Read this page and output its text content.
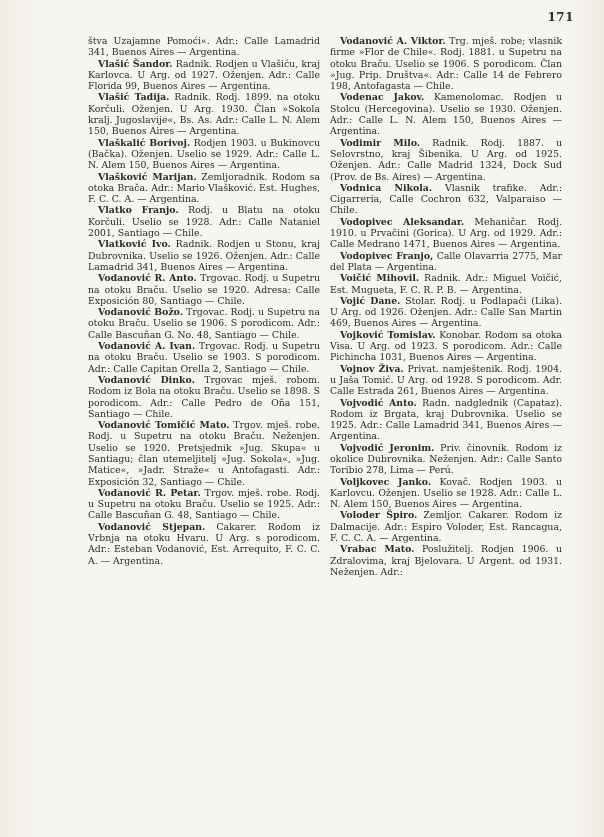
171

štva Uzajamne Pomoći«. Adr.: Calle Lamadrid 341, Buenos Aires — Argentina.

Vlašić Šandor. Radnik. Rodjen u Vlašiću, kraj Karlovca. U Arg. od 1927. Oženjen. Adr.: Calle Florida 99, Buenos Aires — Argentina.

Vlašić Tadija. Radnik. Rodj. 1899. na otoku Korčuli. Oženjen. U Arg. 1930. Član »Sokola kralj. Jugoslavije«, Bs. As. Adr.: Calle L. N. Alem 150, Buenos Aires — Argentina.

Vlaškalić Borivoj. Rodjen 1903. u Bukinovcu (Bačka). Oženjen. Uselio se 1929. Adr.: Calle L. N. Alem 150, Buenos Aires — Argentina.

Vlašković Marijan. Zemljoradnik. Rodom sa otoka Brača. Adr.: Mario Vlašković. Est. Hughes, F. C. C. A. — Argentina.

Vlatko Franjo. Rodj. u Blatu na otoku Korčuli. Uselio se 1928. Adr.: Calle Nataniel 2001, Santiago — Chile.

Vlatković Ivo. Radnik. Rodjen u Stonu, kraj Dubrovnika. Uselio se 1926. Oženjen. Adr.: Calle Lamadrid 341, Buenos Aires — Argentina.

Vodanović R. Anto. Trgovac. Rodj. u Supetru na otoku Braču. Uselio se 1920. Adresa: Calle Exposición 80, Santiago — Chile.

Vodanović Božo. Trgovac. Rodj. u Supetru na otoku Braču. Uselio se 1906. S porodicom. Adr.: Calle Bascuñan G. No. 48, Santiago — Chile.

Vodanović A. Ivan. Trgovac. Rodj. u Supetru na otoku Braču. Uselio se 1903. S porodicom. Adr.: Calle Capitan Orella 2, Santiago — Chile.

Vodanović Dinko. Trgovac mješ. robom. Rodom iz Bola na otoku Braču. Uselio se 1898. S porodicom. Adr.: Calle Pedro de Oña 151, Santiago — Chile.

Vodanović Tomičić Mato. Trgov. mješ. robe. Rodj. u Supetru na otoku Braču. Neženjen. Uselio se 1920. Pretsjednik »Jug. Skupa« u Santiagu; član utemeljitelj »Jug. Sokola«, »Jug. Matice«, »Jadr. Straže« u Antofagasti. Adr.: Exposición 32, Santiago — Chile.

Vodanović R. Petar. Trgov. mješ. robe. Rodj. u Supetru na otoku Braču. Uselio se 1925. Adr.: Calle Bascuñan G. 48, Santiago — Chile.

Vodanović Stjepan. Cakarer. Rodom iz Vrbnja na otoku Hvaru. U Arg. s porodicom. Adr.: Esteban Vodanović, Est. Arrequito, F. C. C. A. — Argentina.

Vodanović A. Viktor. Trg. mješ. robe; vlasnik firme »Flor de Chile«. Rodj. 1881. u Supetru na otoku Braču. Uselio se 1906. S porodicom. Član »Jug. Prip. Društva«. Adr.: Calle 14 de Febrero 198, Antofagasta — Chile.

Vodenac Jakov. Kamenolomac. Rodjen u Stolcu (Hercegovina). Uselio se 1930. Oženjen. Adr.: Calle L. N. Alem 150, Buenos Aires — Argentina.

Vodimir Milo. Radnik. Rodj. 1887. u Selovrstno, kraj Šibenika. U Arg. od 1925. Oženjen. Adr.: Calle Madrid 1324, Dock Sud (Prov. de Bs. Aires) — Argentina.

Vodnica Nikola. Vlasnik trafike. Adr.: Cigarreria, Calle Cochron 632, Valparaiso — Chile.

Vodopivec Aleksandar. Mehaničar. Rodj. 1910. u Prvačini (Gorica). U Arg. od 1929. Adr.: Calle Medrano 1471, Buenos Aires — Argentina.

Vodopivec Franjo, Calle Olavarria 2775, Mar del Plata — Argentina.

Voičić Mihovil. Radnik. Adr.: Miguel Voičić, Est. Mugueta, F. C. R. P. B. — Argentina.

Vojić Dane. Stolar. Rodj. u Podlapači (Lika). U Arg. od 1926. Oženjen. Adr.: Calle San Martin 469, Buenos Aires — Argentina.

Vojković Tomislav. Konobar. Rodom sa otoka Visa. U Arg. od 1923. S porodicom. Adr.: Calle Pichincha 1031, Buenos Aires — Argentina.

Vojnov Živa. Privat. namještenik. Rodj. 1904. u Jaša Tomić. U Arg. od 1928. S porodicom. Adr. Calle Estrada 261, Buenos Aires — Argentina.

Vojvodić Anto. Radn. nadglednik (Capataz). Rodom iz Brgata, kraj Dubrovnika. Uselio se 1925. Adr.: Calle Lamadrid 341, Buenos Aires — Argentina.

Vojvodić Jeronim. Priv. činovnik. Rodom iz okolice Dubrovnika. Neženjen. Adr.: Calle Santo Toribio 278, Lima — Perú.

Voljkovec Janko. Kovač. Rodjen 1903. u Karlovcu. Oženjen. Uselio se 1928. Adr.: Calle L. N. Alem 150, Buenos Aires — Argentina.

Voloder Špiro. Zemljor. Cakarer. Rodom iz Dalmacije. Adr.: Espiro Voloder, Est. Rancagua, F. C. C. A. — Argentina.

Vrabac Mato. Poslužitelj. Rodjen 1906. u Zdralovima, kraj Bjelovara. U Argent. od 1931. Neženjen. Adr.:
